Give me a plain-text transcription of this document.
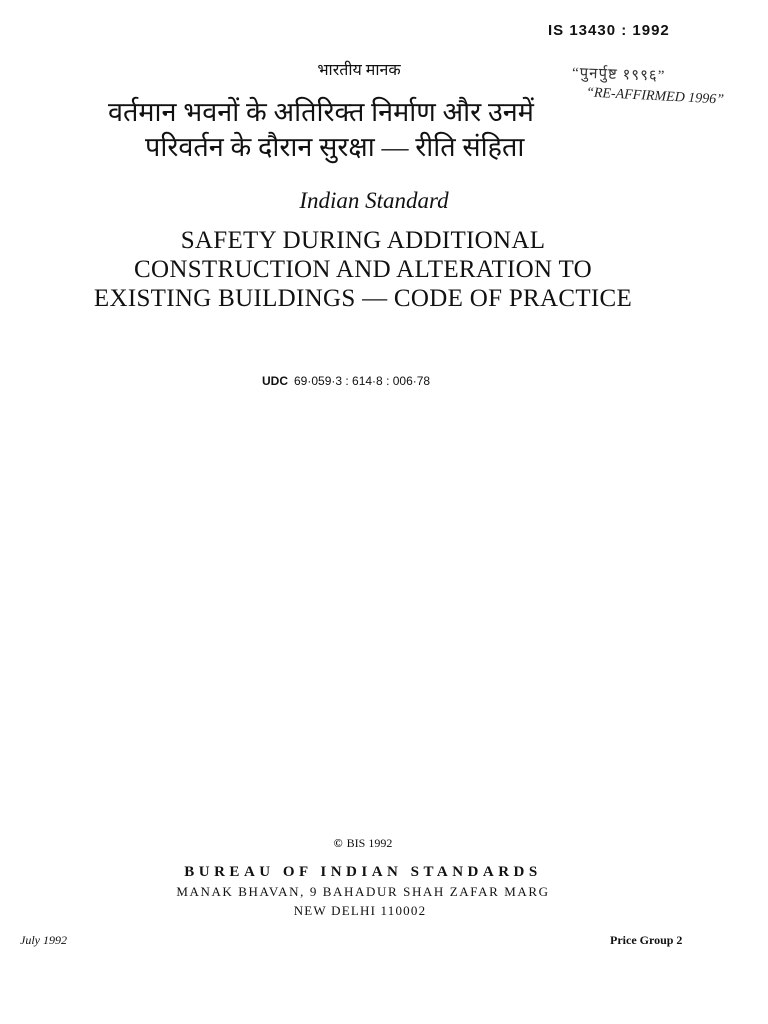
IS 13430 : 1992
“पुनर्पुष्ट १९९६”
“RE-AFFIRMED 1996”
भारतीय मानक
वर्तमान भवनों के अतिरिक्त निर्माण और उनमें
परिवर्तन के दौरान सुरक्षा — रीति संहिता
Indian Standard
SAFETY DURING ADDITIONAL
CONSTRUCTION AND ALTERATION TO
EXISTING BUILDINGS — CODE OF PRACTICE
UDC 69·059·3 : 614·8 : 006·78
© BIS 1992
BUREAU OF INDIAN STANDARDS
MANAK BHAVAN, 9 BAHADUR SHAH ZAFAR MARG
NEW DELHI 110002
July 1992	Price Group 2
